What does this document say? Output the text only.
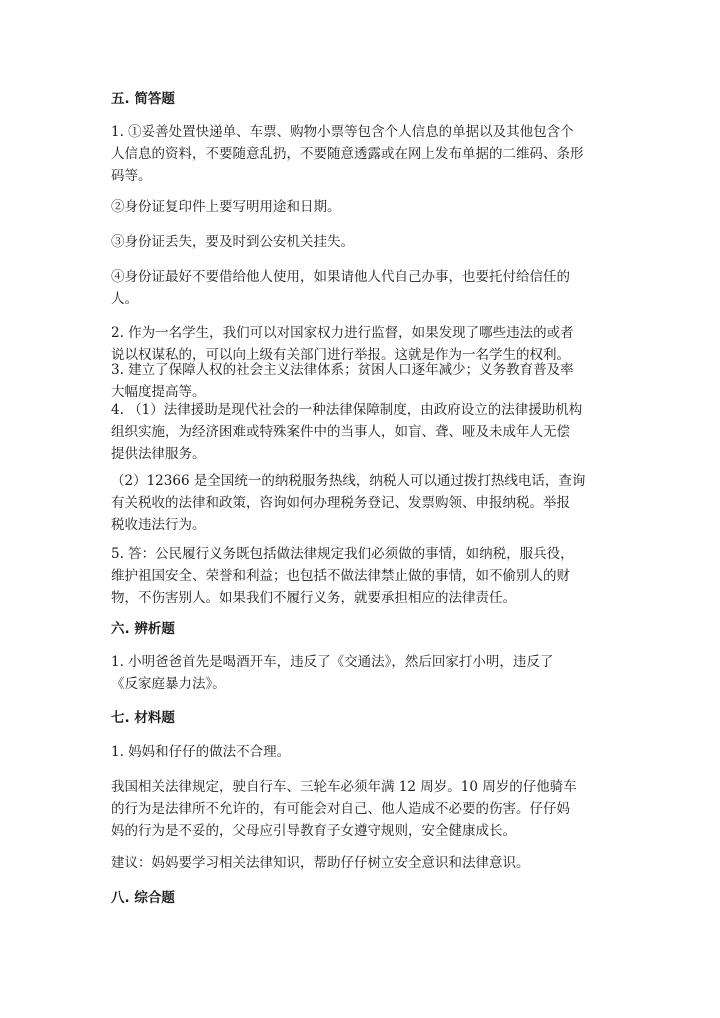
五. 简答题
1. ①妥善处置快递单、车票、购物小票等包含个人信息的单据以及其他包含个
人信息的资料，不要随意乱扔，不要随意透露或在网上发布单据的二维码、条形
码等。
②身份证复印件上要写明用途和日期。
③身份证丢失，要及时到公安机关挂失。
④身份证最好不要借给他人使用，如果请他人代自己办事，也要托付给信任的
人。
2. 作为一名学生，我们可以对国家权力进行监督，如果发现了哪些违法的或者
说以权谋私的，可以向上级有关部门进行举报。这就是作为一名学生的权利。
3. 建立了保障人权的社会主义法律体系；贫困人口逐年减少；义务教育普及率
大幅度提高等。
4. （1）法律援助是现代社会的一种法律保障制度，由政府设立的法律援助机构
组织实施，为经济困难或特殊案件中的当事人，如盲、聋、哑及未成年人无偿
提供法律服务。
（2）12366 是全国统一的纳税服务热线，纳税人可以通过拨打热线电话，查询
有关税收的法律和政策，咨询如何办理税务登记、发票购领、申报纳税。举报
税收违法行为。
5. 答：公民履行义务既包括做法律规定我们必须做的事情，如纳税，服兵役，
维护祖国安全、荣誉和利益；也包括不做法律禁止做的事情，如不偷别人的财
物，不伤害别人。如果我们不履行义务，就要承担相应的法律责任。
六. 辨析题
1. 小明爸爸首先是喝酒开车，违反了《交通法》，然后回家打小明，违反了
《反家庭暴力法》。
七. 材料题
1. 妈妈和仔仔的做法不合理。
我国相关法律规定，驶自行车、三轮车必须年满 12 周岁。10 周岁的仔他骑车
的行为是法律所不允许的，有可能会对自己、他人造成不必要的伤害。仔仔妈
妈的行为是不妥的，父母应引导教育子女遵守规则，安全健康成长。
建议：妈妈要学习相关法律知识，帮助仔仔树立安全意识和法律意识。
八. 综合题
